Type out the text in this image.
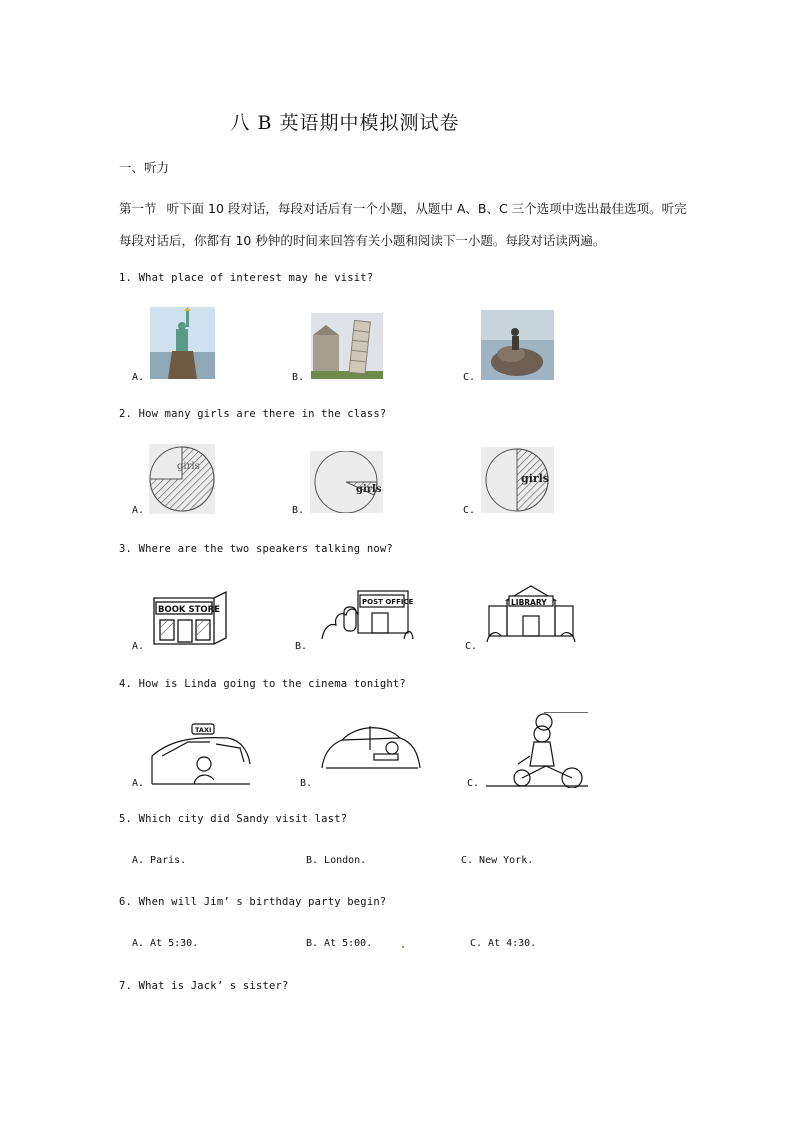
八 B 英语期中模拟测试卷
一、听力
第一节 听下面 10 段对话，每段对话后有一个小题，从题中 A、B、C 三个选项中选出最佳选项。听完
每段对话后，你都有 10 秒钟的时间来回答有关小题和阅读下一小题。每段对话读两遍。
1. What place of interest may he visit?
A.	B.	C.
2. How many girls are there in the class?
A.	B.	C.
girls
girls
girls
3. Where are the two speakers talking now?
A.	B.	C.
BOOK STORE
POST OFFICE	LIBRARY
4. How is Linda going to the cinema tonight?
A.	B.	C.
TAXI
5. Which city did Sandy visit last?
A. Paris.	B. London.	C. New York.
6. When will Jim’ s birthday party begin?
A. At 5:30.	B. At 5:00.	C. At 4:30.
7. What is Jack’ s sister?
